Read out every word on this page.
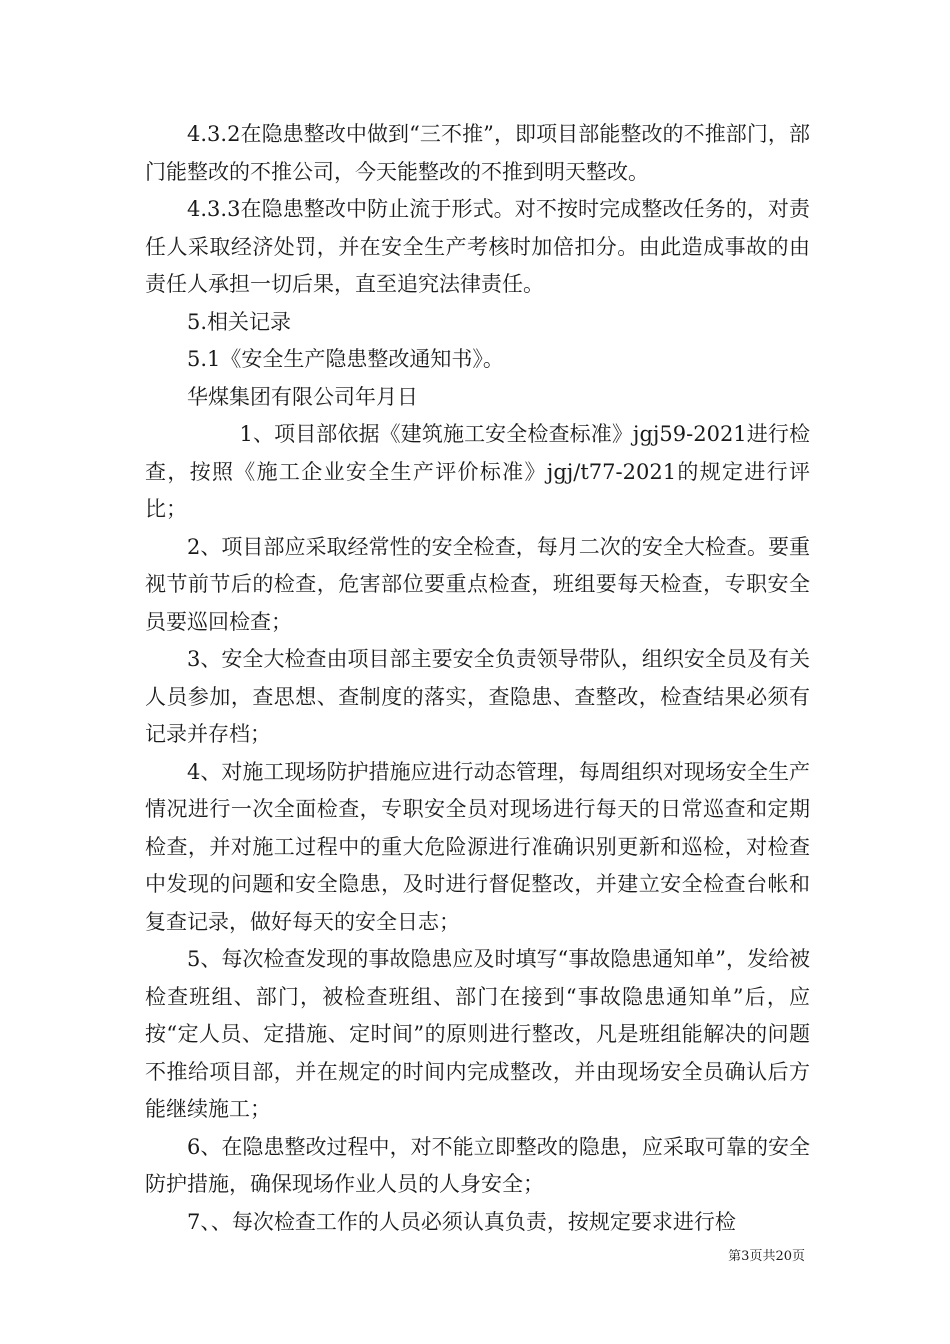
4.3.2在隐患整改中做到“三不推”，即项目部能整改的不推部门，部门能整改的不推公司，今天能整改的不推到明天整改。

4.3.3在隐患整改中防止流于形式。对不按时完成整改任务的，对责任人采取经济处罚，并在安全生产考核时加倍扣分。由此造成事故的由责任人承担一切后果，直至追究法律责任。

5.相关记录

5.1《安全生产隐患整改通知书》。

华煤集团有限公司年月日

1、项目部依据《建筑施工安全检查标准》jgj59-2021进行检查，按照《施工企业安全生产评价标准》jgj/t77-2021的规定进行评比；

2、项目部应采取经常性的安全检查，每月二次的安全大检查。要重视节前节后的检查，危害部位要重点检查，班组要每天检查，专职安全员要巡回检查；

3、安全大检查由项目部主要安全负责领导带队，组织安全员及有关人员参加，查思想、查制度的落实，查隐患、查整改，检查结果必须有记录并存档；

4、对施工现场防护措施应进行动态管理，每周组织对现场安全生产情况进行一次全面检查，专职安全员对现场进行每天的日常巡查和定期检查，并对施工过程中的重大危险源进行准确识别更新和巡检，对检查中发现的问题和安全隐患，及时进行督促整改，并建立安全检查台帐和复查记录，做好每天的安全日志；

5、每次检查发现的事故隐患应及时填写“事故隐患通知单”，发给被检查班组、部门，被检查班组、部门在接到“事故隐患通知单”后，应按“定人员、定措施、定时间”的原则进行整改，凡是班组能解决的问题不推给项目部，并在规定的时间内完成整改，并由现场安全员确认后方能继续施工；

6、在隐患整改过程中，对不能立即整改的隐患，应采取可靠的安全防护措施，确保现场作业人员的人身安全；

7、、每次检查工作的人员必须认真负责，按规定要求进行检

第3页共20页
